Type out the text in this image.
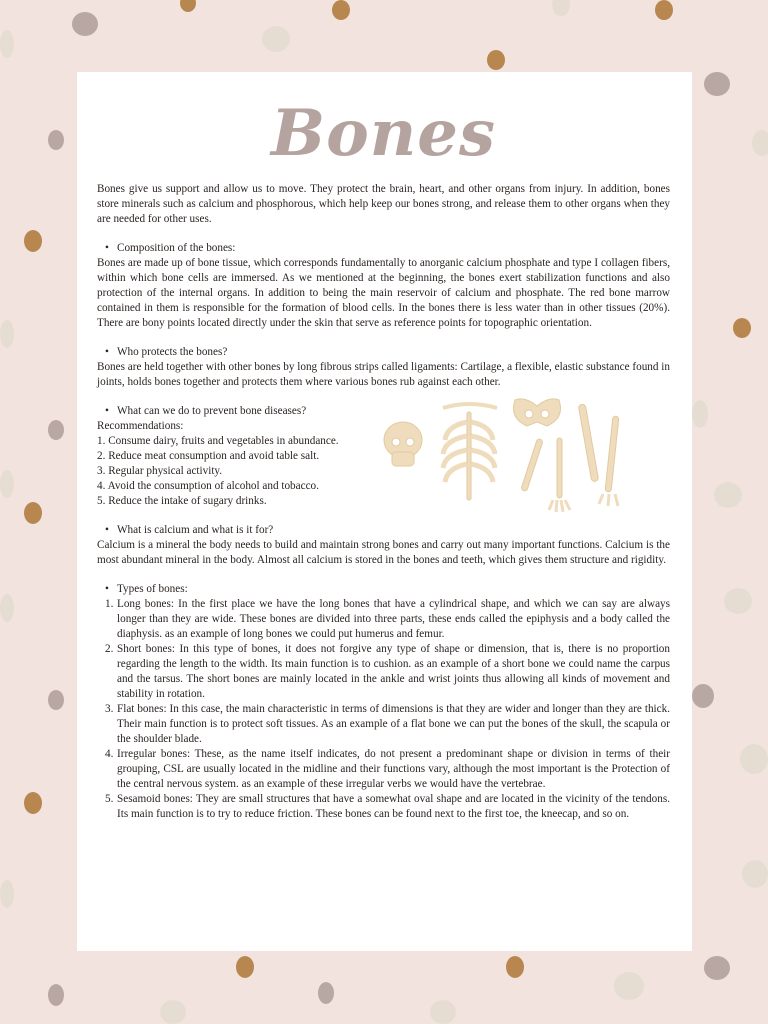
Bones

Bones give us support and allow us to move. They protect the brain, heart, and other organs from injury. In addition, bones store minerals such as calcium and phosphorous, which help keep our bones strong, and release them to other organs when they are needed for other uses.

• Composition of the bones:

Bones are made up of bone tissue, which corresponds fundamentally to anorganic calcium phosphate and type I collagen fibers, within which bone cells are immersed. As we mentioned at the beginning, the bones exert stabilization functions and also protection of the internal organs. In addition to being the main reservoir of calcium and phosphate. The red bone marrow contained in them is responsible for the formation of blood cells. In the bones there is less water than in other tissues (20%). There are bony points located directly under the skin that serve as reference points for topographic orientation.

• Who protects the bones?

Bones are held together with other bones by long fibrous strips called ligaments: Cartilage, a flexible, elastic substance found in joints, holds bones together and protects them where various bones rub against each other.

• What can we do to prevent bone diseases?
Recommendations:
1. Consume dairy, fruits and vegetables in abundance.
2. Reduce meat consumption and avoid table salt.
3. Regular physical activity.
4. Avoid the consumption of alcohol and tobacco.
5. Reduce the intake of sugary drinks.
• What is calcium and what is it for?

Calcium is a mineral the body needs to build and maintain strong bones and carry out many important functions. Calcium is the most abundant mineral in the body. Almost all calcium is stored in the bones and teeth, which gives them structure and rigidity.

• Types of bones:
1. Long bones: In the first place we have the long bones that have a cylindrical shape, and which we can say are always longer than they are wide. These bones are divided into three parts, these ends called the epiphysis and a body called the diaphysis. as an example of long bones we could put humerus and femur.
2. Short bones: In this type of bones, it does not forgive any type of shape or dimension, that is, there is no proportion regarding the length to the width. Its main function is to cushion. as an example of a short bone we could name the carpus and the tarsus. The short bones are mainly located in the ankle and wrist joints thus allowing all kinds of movement and stability in rotation.
3. Flat bones: In this case, the main characteristic in terms of dimensions is that they are wider and longer than they are thick. Their main function is to protect soft tissues. As an example of a flat bone we can put the bones of the skull, the scapula or the shoulder blade.
4. Irregular bones: These, as the name itself indicates, do not present a predominant shape or division in terms of their grouping, CSL are usually located in the midline and their functions vary, although the most important is the Protection of the central nervous system. as an example of these irregular verbs we would have the vertebrae.
5. Sesamoid bones: They are small structures that have a somewhat oval shape and are located in the vicinity of the tendons. Its main function is to try to reduce friction. These bones can be found next to the first toe, the kneecap, and so on.
